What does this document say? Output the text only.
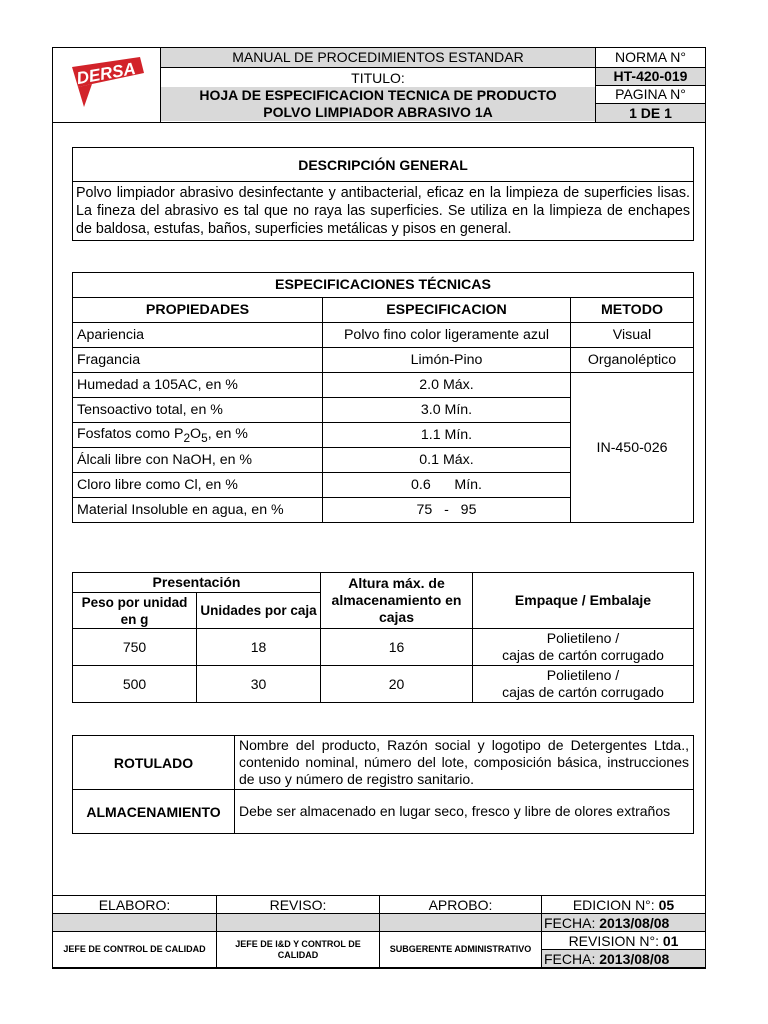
DERSA	MANUAL DE PROCEDIMIENTOS ESTANDAR	NORMA N°

	TITULO:
HOJA DE ESPECIFICACION TECNICA DE PRODUCTO
POLVO LIMPIADOR ABRASIVO 1A	HT-420-019
		PAGINA N°
		1 DE 1
DESCRIPCIÓN GENERAL
Polvo limpiador abrasivo desinfectante y antibacterial, eficaz en la limpieza de superficies lisas. La fineza del abrasivo es tal que no raya las superficies. Se utiliza en la limpieza de enchapes de baldosa, estufas, baños, superficies metálicas y pisos en general.
ESPECIFICACIONES TÉCNICAS		
PROPIEDADES	ESPECIFICACION	METODO
Apariencia	Polvo fino color ligeramente azul	Visual
Fragancia	Limón-Pino	Organoléptico
Humedad a 105AC, en %	2.0 Máx.	IN-450-026
Tensoactivo total, en %	3.0 Mín.	
Fosfatos como $P_2O_5$, en %	1.1 Mín.	
Álcali libre con NaOH, en %	0.1 Máx.	
Cloro libre como Cl, en %	0.6      Mín.	
Material Insoluble en agua, en %	75   -   95	
Presentación		Altura máx. de almacenamiento en cajas	Empaque / Embalaje
Peso por unidad en g	Unidades por caja		
750	18	16	Polietileno /
cajas de cartón corrugado

500	30	20	Polietileno /
cajas de cartón corrugado
ROTULADO	Nombre del producto, Razón social y logotipo de Detergentes Ltda., contenido nominal, número del lote, composición básica, instrucciones de uso y número de registro sanitario.
ALMACENAMIENTO	Debe ser almacenado en lugar seco, fresco y libre de olores extraños
ELABORO:	REVISO:	APROBO:	EDICION N°: 05
			FECHA: 2013/08/08
JEFE DE CONTROL DE CALIDAD	JEFE DE I&D Y CONTROL DE CALIDAD	SUBGERENTE ADMINISTRATIVO	REVISION N°: 01
			FECHA: 2013/08/08
